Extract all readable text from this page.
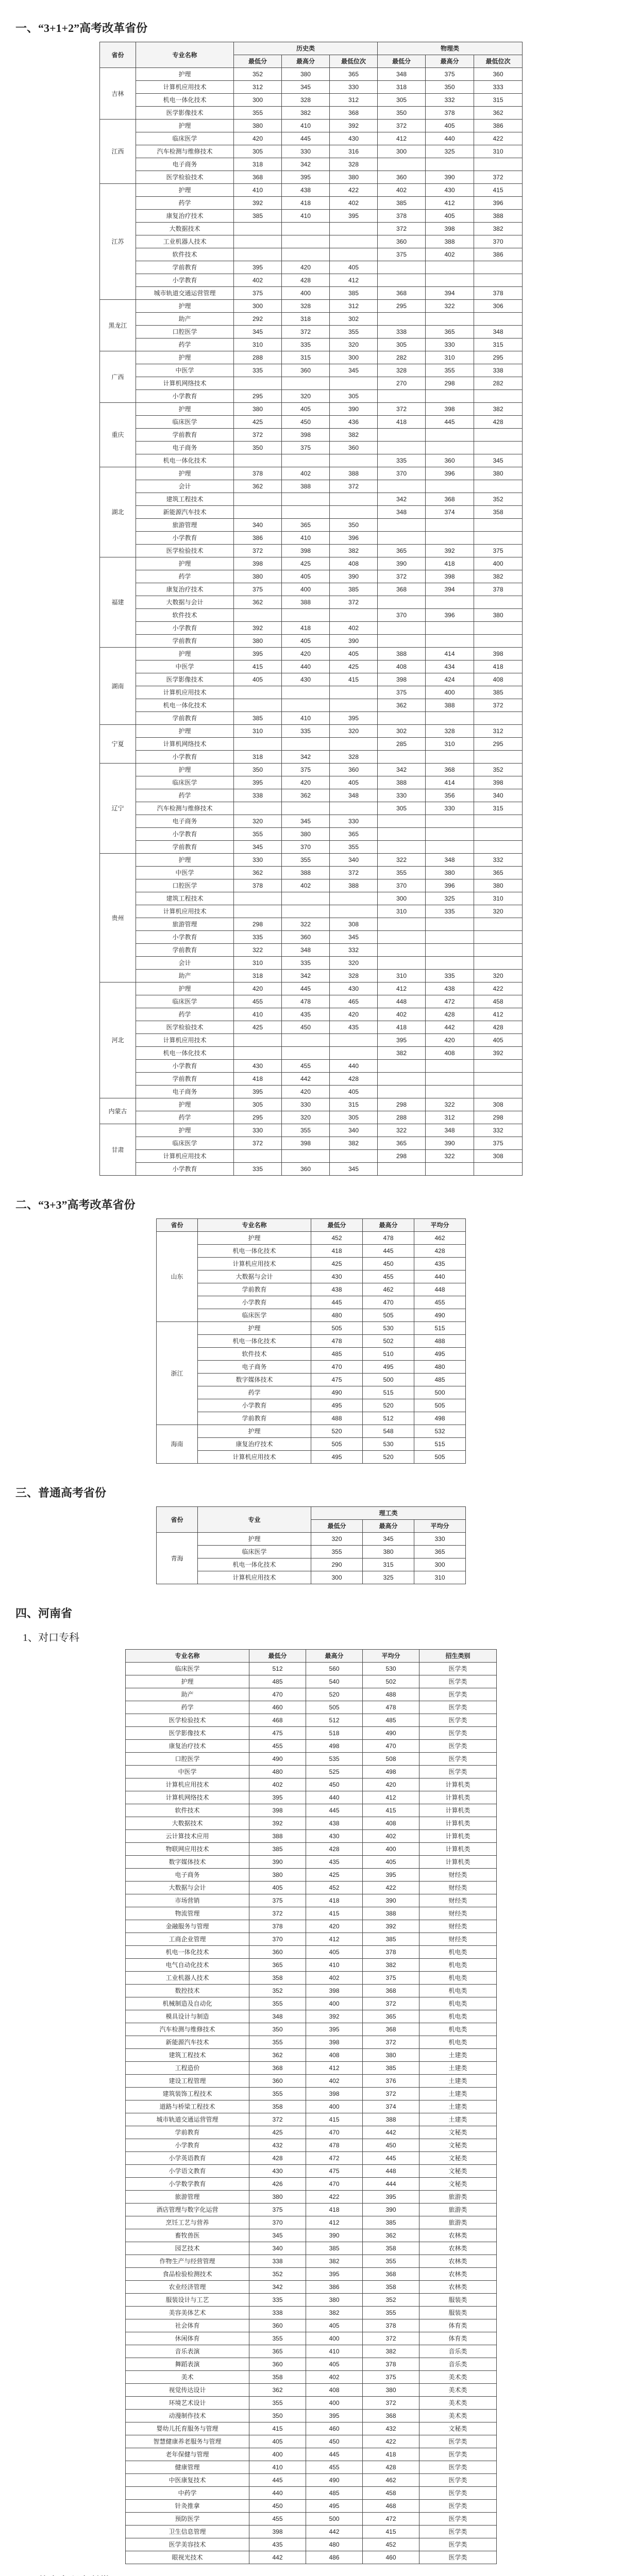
一、“3+1+2”高考改革省份
省份	专业名称	历史类			物理类		
		最低分	最高分	最低位次	最低分	最高分	最低位次
吉林	护理	352	380	365	348	375	360
	计算机应用技术	312	345	330	318	350	333
	机电一体化技术	300	328	312	305	332	315
	医学影像技术	355	382	368	350	378	362
江西	护理	380	410	392	372	405	386
	临床医学	420	445	430	412	440	422
	汽车检测与维修技术	305	330	316	300	325	310
	电子商务	318	342	328			
	医学检验技术	368	395	380	360	390	372
江苏	护理	410	438	422	402	430	415
	药学	392	418	402	385	412	396
	康复治疗技术	385	410	395	378	405	388
	大数据技术				372	398	382
	工业机器人技术				360	388	370
	软件技术				375	402	386
	学前教育	395	420	405			
	小学教育	402	428	412			
	城市轨道交通运营管理	375	400	385	368	394	378
黑龙江	护理	300	328	312	295	322	306
	助产	292	318	302			
	口腔医学	345	372	355	338	365	348
	药学	310	335	320	305	330	315
广西	护理	288	315	300	282	310	295
	中医学	335	360	345	328	355	338
	计算机网络技术				270	298	282
	小学教育	295	320	305			
重庆	护理	380	405	390	372	398	382
	临床医学	425	450	436	418	445	428
	学前教育	372	398	382			
	电子商务	350	375	360			
	机电一体化技术				335	360	345
湖北	护理	378	402	388	370	396	380
	会计	362	388	372			
	建筑工程技术				342	368	352
	新能源汽车技术				348	374	358
	旅游管理	340	365	350			
	小学教育	386	410	396			
	医学检验技术	372	398	382	365	392	375
福建	护理	398	425	408	390	418	400
	药学	380	405	390	372	398	382
	康复治疗技术	375	400	385	368	394	378
	大数据与会计	362	388	372			
	软件技术				370	396	380
	小学教育	392	418	402			
	学前教育	380	405	390			
湖南	护理	395	420	405	388	414	398
	中医学	415	440	425	408	434	418
	医学影像技术	405	430	415	398	424	408
	计算机应用技术				375	400	385
	机电一体化技术				362	388	372
	学前教育	385	410	395			
宁夏	护理	310	335	320	302	328	312
	计算机网络技术				285	310	295
	小学教育	318	342	328			
辽宁	护理	350	375	360	342	368	352
	临床医学	395	420	405	388	414	398
	药学	338	362	348	330	356	340
	汽车检测与维修技术				305	330	315
	电子商务	320	345	330			
	小学教育	355	380	365			
	学前教育	345	370	355			
贵州	护理	330	355	340	322	348	332
	中医学	362	388	372	355	380	365
	口腔医学	378	402	388	370	396	380
	建筑工程技术				300	325	310
	计算机应用技术				310	335	320
	旅游管理	298	322	308			
	小学教育	335	360	345			
	学前教育	322	348	332			
	会计	310	335	320			
	助产	318	342	328	310	335	320
河北	护理	420	445	430	412	438	422
	临床医学	455	478	465	448	472	458
	药学	410	435	420	402	428	412
	医学检验技术	425	450	435	418	442	428
	计算机应用技术				395	420	405
	机电一体化技术				382	408	392
	小学教育	430	455	440			
	学前教育	418	442	428			
	电子商务	395	420	405			
内蒙古	护理	305	330	315	298	322	308
	药学	295	320	305	288	312	298
甘肃	护理	330	355	340	322	348	332
	临床医学	372	398	382	365	390	375
	计算机应用技术				298	322	308
	小学教育	335	360	345			
二、“3+3”高考改革省份
省份	专业名称	最低分	最高分	平均分
山东	护理	452	478	462
	机电一体化技术	418	445	428
	计算机应用技术	425	450	435
	大数据与会计	430	455	440
	学前教育	438	462	448
	小学教育	445	470	455
	临床医学	480	505	490
浙江	护理	505	530	515
	机电一体化技术	478	502	488
	软件技术	485	510	495
	电子商务	470	495	480
	数字媒体技术	475	500	485
	药学	490	515	500
	小学教育	495	520	505
	学前教育	488	512	498
海南	护理	520	548	532
	康复治疗技术	505	530	515
	计算机应用技术	495	520	505
三、普通高考省份
省份	专业	理工类		
		最低分	最高分	平均分
青海	护理	320	345	330
	临床医学	355	380	365
	机电一体化技术	290	315	300
	计算机应用技术	300	325	310
四、河南省
1、对口专科
专业名称	最低分	最高分	平均分	招生类别
临床医学	512	560	530	医学类
护理	485	540	502	医学类
助产	470	520	488	医学类
药学	460	505	478	医学类
医学检验技术	468	512	485	医学类
医学影像技术	475	518	490	医学类
康复治疗技术	455	498	470	医学类
口腔医学	490	535	508	医学类
中医学	480	525	498	医学类
计算机应用技术	402	450	420	计算机类
计算机网络技术	395	440	412	计算机类
软件技术	398	445	415	计算机类
大数据技术	392	438	408	计算机类
云计算技术应用	388	430	402	计算机类
物联网应用技术	385	428	400	计算机类
数字媒体技术	390	435	405	计算机类
电子商务	380	425	395	财经类
大数据与会计	405	452	422	财经类
市场营销	375	418	390	财经类
物流管理	372	415	388	财经类
金融服务与管理	378	420	392	财经类
工商企业管理	370	412	385	财经类
机电一体化技术	360	405	378	机电类
电气自动化技术	365	410	382	机电类
工业机器人技术	358	402	375	机电类
数控技术	352	398	368	机电类
机械制造及自动化	355	400	372	机电类
模具设计与制造	348	392	365	机电类
汽车检测与维修技术	350	395	368	机电类
新能源汽车技术	355	398	372	机电类
建筑工程技术	362	408	380	土建类
工程造价	368	412	385	土建类
建设工程管理	360	402	376	土建类
建筑装饰工程技术	355	398	372	土建类
道路与桥梁工程技术	358	400	374	土建类
城市轨道交通运营管理	372	415	388	土建类
学前教育	425	470	442	文秘类
小学教育	432	478	450	文秘类
小学英语教育	428	472	445	文秘类
小学语文教育	430	475	448	文秘类
小学数学教育	426	470	444	文秘类
旅游管理	380	422	395	旅游类
酒店管理与数字化运营	375	418	390	旅游类
烹饪工艺与营养	370	412	385	旅游类
畜牧兽医	345	390	362	农林类
园艺技术	340	385	358	农林类
作物生产与经营管理	338	382	355	农林类
食品检验检测技术	352	395	368	农林类
农业经济管理	342	386	358	农林类
服装设计与工艺	335	380	352	服装类
美容美体艺术	338	382	355	服装类
社会体育	360	405	378	体育类
休闲体育	355	400	372	体育类
音乐表演	365	410	382	音乐类
舞蹈表演	360	405	378	音乐类
美术	358	402	375	美术类
视觉传达设计	362	408	380	美术类
环境艺术设计	355	400	372	美术类
动漫制作技术	350	395	368	美术类
婴幼儿托育服务与管理	415	460	432	文秘类
智慧健康养老服务与管理	405	450	422	医学类
老年保健与管理	400	445	418	医学类
健康管理	410	455	428	医学类
中医康复技术	445	490	462	医学类
中药学	440	485	458	医学类
针灸推拿	450	495	468	医学类
预防医学	455	500	472	医学类
卫生信息管理	398	442	415	医学类
医学美容技术	435	480	452	医学类
眼视光技术	442	486	460	医学类
